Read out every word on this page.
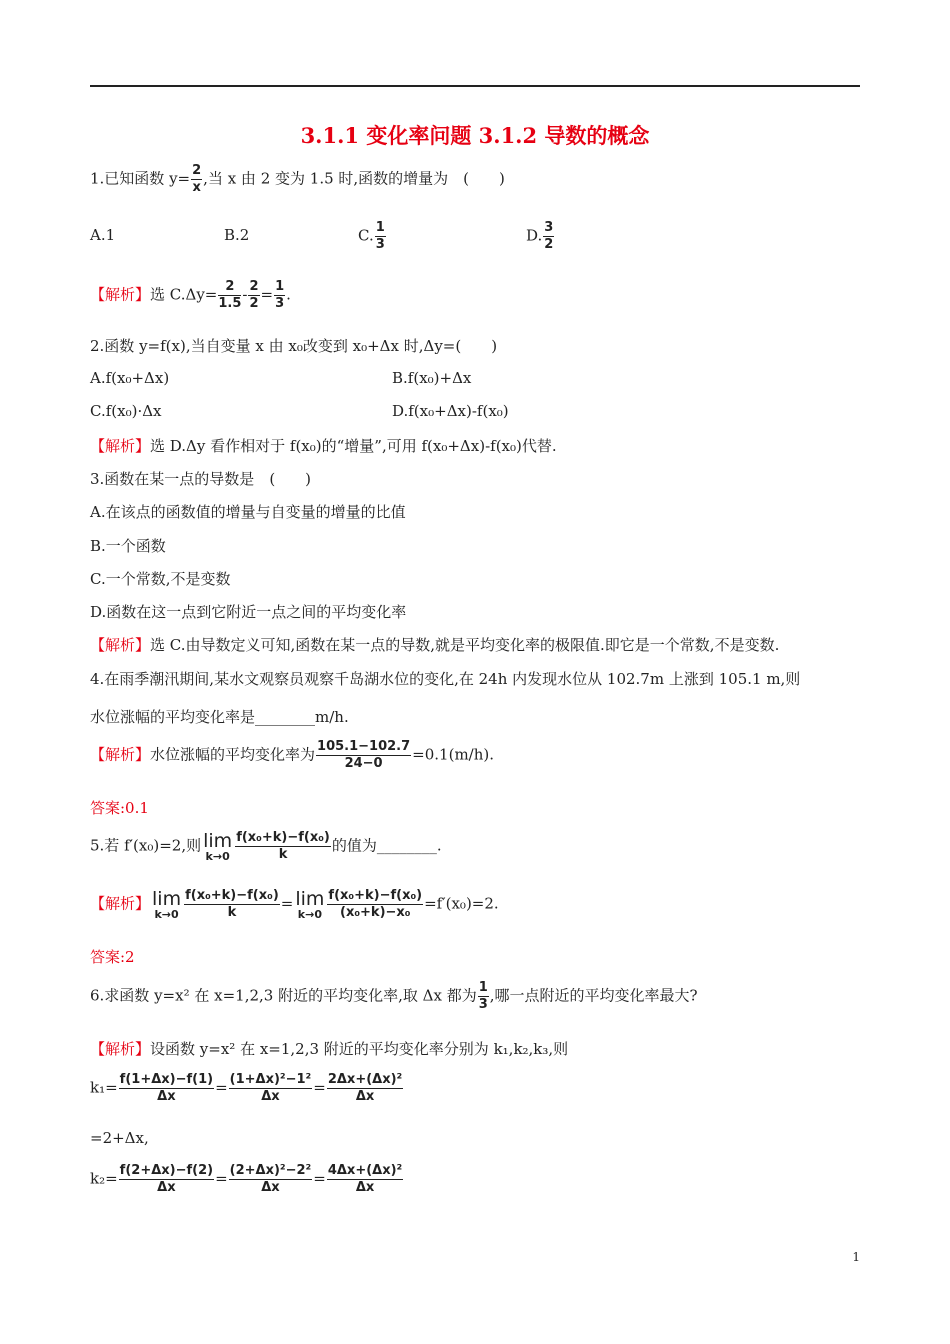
3.1.1 变化率问题 3.1.2 导数的概念
1.已知函数 $y= \frac{2}{x}$ ,当 x 由 2 变为 1.5 时,函数的增量为　(　　)
A.1	B.2	C. $\frac{1}{3}$	D. $\frac{3}{2}$
【解析】选 $C.\Delta y= \frac{2}{1.5} - \frac{2}{2} = \frac{1}{3}$ .
2.函数 y=f(x),当自变量 x 由 x₀改变到 x₀+Δx 时,Δy=(　　)
A.f(x₀+Δx)	B.f(x₀)+Δx
C.f(x₀)·Δx	D.f(x₀+Δx)-f(x₀)
【解析】选 D.Δy 看作相对于 f(x₀)的“增量”,可用 f(x₀+Δx)-f(x₀)代替.
3.函数在某一点的导数是　(　　)
A.在该点的函数值的增量与自变量的增量的比值
B.一个函数
C.一个常数,不是变数
D.函数在这一点到它附近一点之间的平均变化率
【解析】选 C.由导数定义可知,函数在某一点的导数,就是平均变化率的极限值.即它是一个常数,不是变数.
4.在雨季潮汛期间,某水文观察员观察千岛湖水位的变化,在 24h 内发现水位从 102.7m 上涨到 105.1 m,则
水位涨幅的平均变化率是________m/h.
【解析】水位涨幅的平均变化率为 $\frac{105.1-102.7}{24-0} =0.1(m/h)$.
答案:0.1
5.若 f′(x₀)=2,则 lim
$k\to 0 \frac{\text{f(x₀+k)−f(x₀)}}{k}$ 的值为________.
【解析】 lim
$k\to 0 \frac{\text{f(x₀+k)−f(x₀)}}{k} = \lim$
$k\to 0 \frac{\text{f(x₀+k)−f(x₀)}}{\text{(x₀+k)−x₀}} =f'(x_0)=2$.
答案:2
6.求函数 y=x² 在 x=1,2,3 附近的平均变化率,取 Δx 都为 $\frac{1}{3}$ ,哪一点附近的平均变化率最大?
【解析】设函数 y=x² 在 x=1,2,3 附近的平均变化率分别为 k₁,k₂,k₃,则
$k_1= \frac{f(1+\Delta x)-f(1)}{\Delta x} = \frac{\text{(1+Δx)²−1²}}{\Delta x} = \frac{\text{2Δx+(Δx)²}}{\Delta x}$
=2+Δx,
$k_2= \frac{f(2+\Delta x)-f(2)}{\Delta x} = \frac{\text{(2+Δx)²−2²}}{\Delta x} = \frac{\text{4Δx+(Δx)²}}{\Delta x}$
1
